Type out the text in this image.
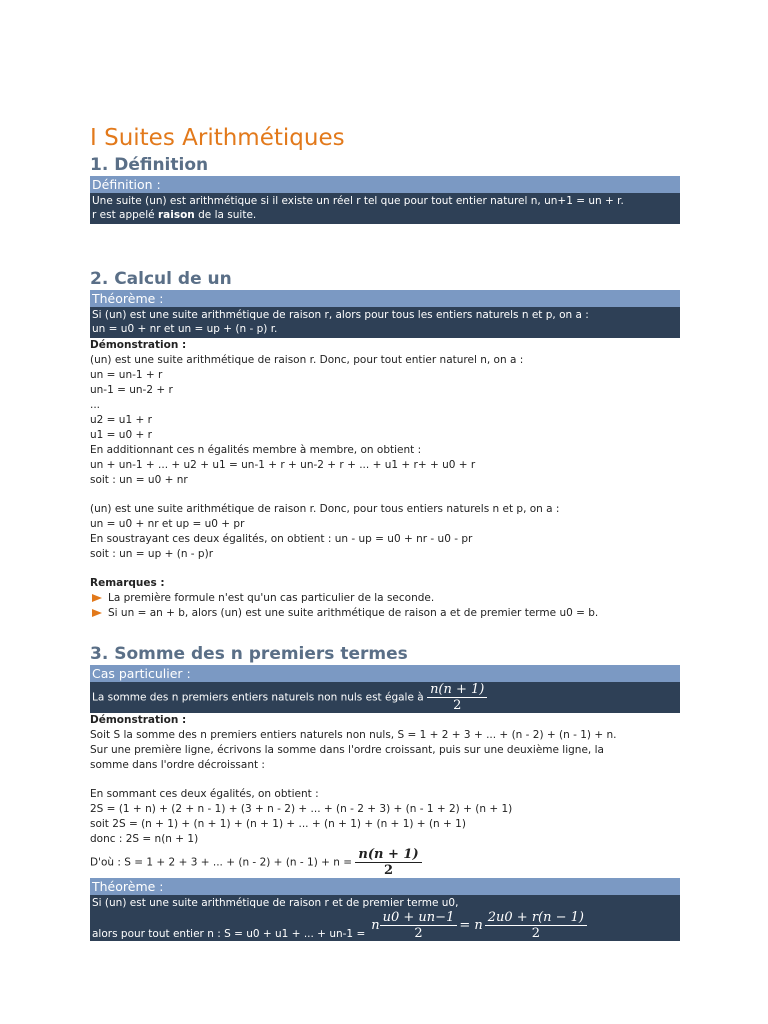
I Suites Arithmétiques
1. Définition
Définition :
Une suite (un) est arithmétique si il existe un réel r tel que pour tout entier naturel n, un+1 = un + r.
r est appelé raison de la suite.
2. Calcul de un
Théorème :
Si (un) est une suite arithmétique de raison r, alors pour tous les entiers naturels n et p, on a :
un = u0 + nr et un = up + (n - p) r.
Démonstration :
(un) est une suite arithmétique de raison r. Donc, pour tout entier naturel n, on a :
un = un-1 + r
un-1 = un-2 + r
...
u2 = u1 + r
u1 = u0 + r
En additionnant ces n égalités membre à membre, on obtient :
un + un-1 + ... + u2 + u1 = un-1 + r + un-2 + r + ... + u1 + r+ + u0 + r
soit : un = u0 + nr
(un) est une suite arithmétique de raison r. Donc, pour tous entiers naturels n et p, on a :
un = u0 + nr et up = u0 + pr
En soustrayant ces deux égalités, on obtient : un - up = u0 + nr - u0 - pr
soit : un = up + (n - p)r
Remarques :
La première formule n'est qu'un cas particulier de la seconde.
Si un = an + b, alors (un) est une suite arithmétique de raison a et de premier terme u0 = b.
3. Somme des n premiers termes
Cas particulier :
La somme des n premiers entiers naturels non nuls est égale à $\frac{n(n + 1)}{2}$
Démonstration :
Soit S la somme des n premiers entiers naturels non nuls, S = 1 + 2 + 3 + ... + (n - 2) + (n - 1) + n.
Sur une première ligne, écrivons la somme dans l'ordre croissant, puis sur une deuxième ligne, la
somme dans l'ordre décroissant :
En sommant ces deux égalités, on obtient :
2S = (1 + n) + (2 + n - 1) + (3 + n - 2) + ... + (n - 2 + 3) + (n - 1 + 2) + (n + 1)
soit 2S = (n + 1) + (n + 1) + (n + 1) + ... + (n + 1) + (n + 1) + (n + 1)
donc : 2S = n(n + 1)
D'où : S = 1 + 2 + 3 + ... + $(n - 2) + (n - 1) + n = \frac{n(n + 1)}{2}$
Théorème :
Si (un) est une suite arithmétique de raison r et de premier terme u0,
alors pour tout entier n : S = u0 + u1 + ... + un-1 =
n $\frac{u0 + un-1}{2} = n \frac{2u0 + r(n - 1)}{2}$
